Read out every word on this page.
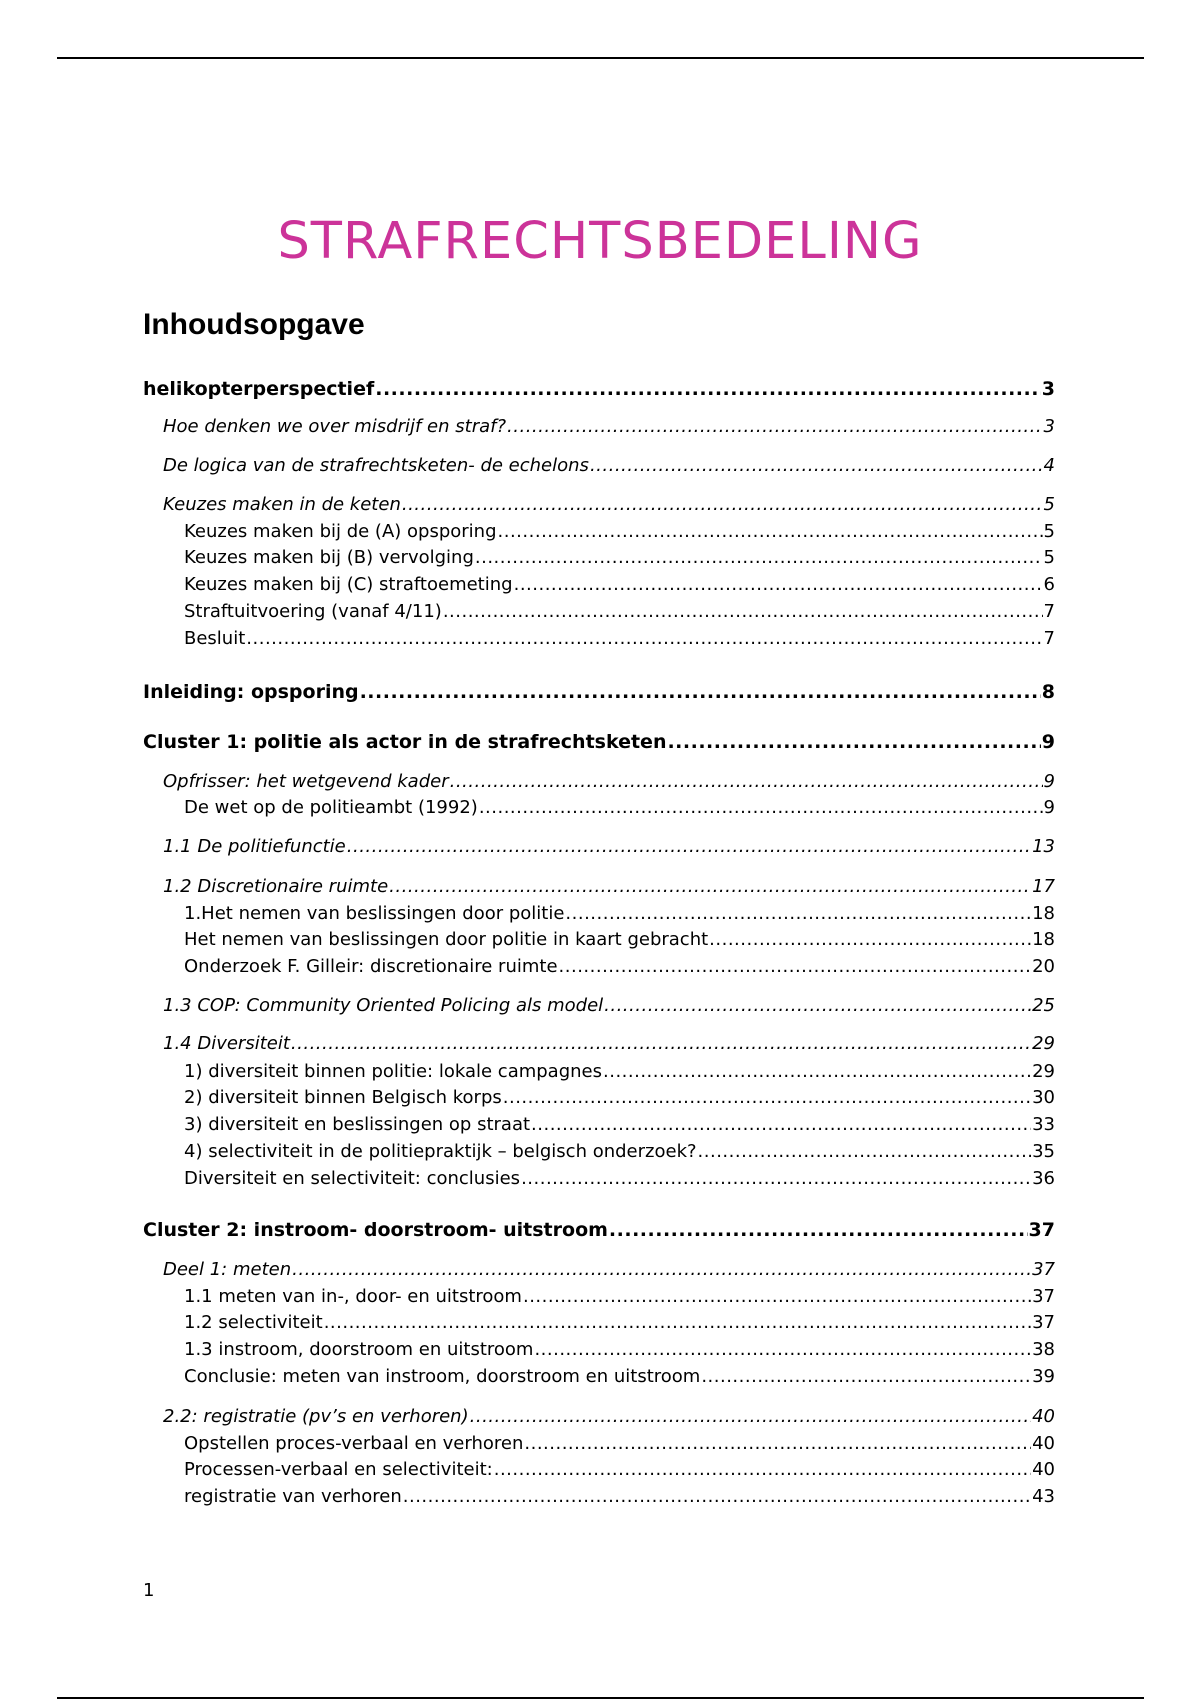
STRAFRECHTSBEDELING
Inhoudsopgave
helikopterperspectief .....	3
Hoe denken we over misdrijf en straf? .....	3
De logica van de strafrechtsketen- de echelons .....	4
Keuzes maken in de keten .....	5
Keuzes maken bij de (A) opsporing .....	5
Keuzes maken bij (B) vervolging .....	5
Keuzes maken bij (C) straftoemeting .....	6
Straftuitvoering (vanaf 4/11) .....	7
Besluit .....	7
Inleiding: opsporing .....	8
Cluster 1: politie als actor in de strafrechtsketen .....	9
Opfrisser: het wetgevend kader .....	9
De wet op de politieambt (1992) .....	9
1.1 De politiefunctie .....	13
1.2 Discretionaire ruimte .....	17
1.Het nemen van beslissingen door politie .....	18
Het nemen van beslissingen door politie in kaart gebracht .....	18
Onderzoek F. Gilleir: discretionaire ruimte .....	20
1.3 COP: Community Oriented Policing als model .....	25
1.4 Diversiteit .....	29
1) diversiteit binnen politie: lokale campagnes .....	29
2) diversiteit binnen Belgisch korps .....	30
3) diversiteit en beslissingen op straat .....	33
4) selectiviteit in de politiepraktijk – belgisch onderzoek? .....	35
Diversiteit en selectiviteit: conclusies .....	36
Cluster 2: instroom- doorstroom- uitstroom .....	37
Deel 1: meten .....	37
1.1 meten van in-, door- en uitstroom .....	37
1.2 selectiviteit .....	37
1.3 instroom, doorstroom en uitstroom .....	38
Conclusie: meten van instroom, doorstroom en uitstroom .....	39
2.2: registratie (pv’s en verhoren) .....	40
Opstellen proces-verbaal en verhoren .....	40
Processen-verbaal en selectiviteit: .....	40
registratie van verhoren .....	43
1
